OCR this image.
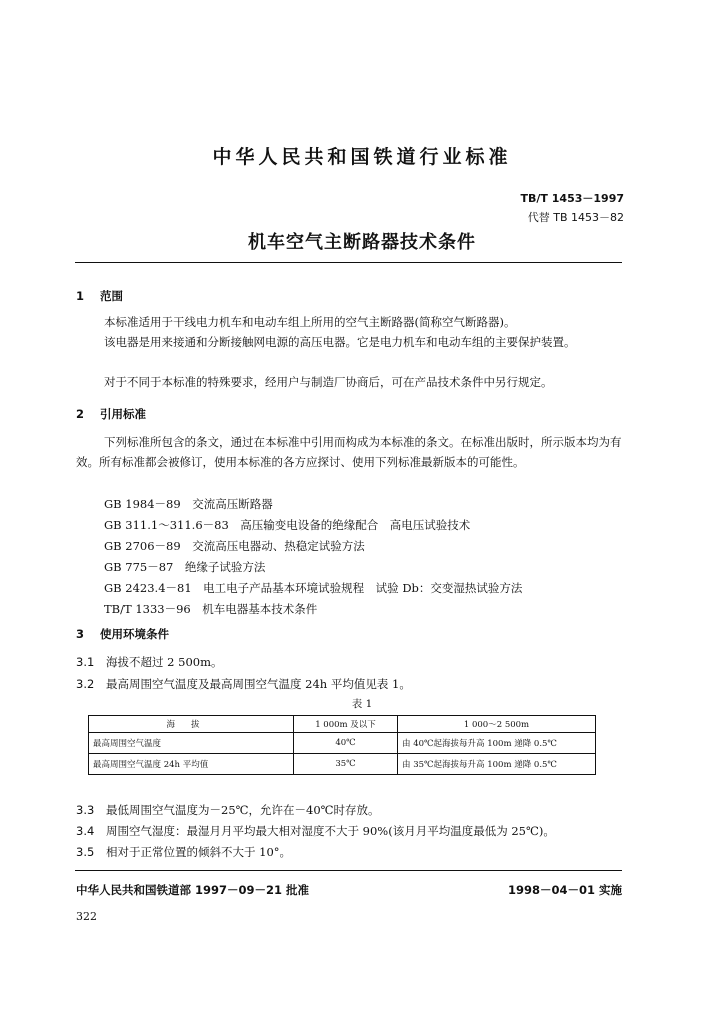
中华人民共和国铁道行业标准
TB/T 1453－1997
代替 TB 1453－82
机车空气主断路器技术条件
1 范围
本标准适用于干线电力机车和电动车组上所用的空气主断路器(简称空气断路器)。
该电器是用来接通和分断接触网电源的高压电器。它是电力机车和电动车组的主要保护装置。
对于不同于本标准的特殊要求，经用户与制造厂协商后，可在产品技术条件中另行规定。
2 引用标准
下列标准所包含的条文，通过在本标准中引用而构成为本标准的条文。在标准出版时，所示版本均为有效。所有标准都会被修订，使用本标准的各方应探讨、使用下列标准最新版本的可能性。
GB 1984－89　交流高压断路器
GB 311.1～311.6－83　高压输变电设备的绝缘配合　高电压试验技术
GB 2706－89　交流高压电器动、热稳定试验方法
GB 775－87　绝缘子试验方法
GB 2423.4－81　电工电子产品基本环境试验规程　试验 Db：交变湿热试验方法
TB/T 1333－96　机车电器基本技术条件
3 使用环境条件
3.1 海拔不超过 2 500m。
3.2 最高周围空气温度及最高周围空气温度 24h 平均值见表 1。
表 1
海拔	1 000m 及以下	1 000～2 500m
最高周围空气温度	40℃	由 40℃起海拔每升高 100m 递降 0.5℃
最高周围空气温度 24h 平均值	35℃	由 35℃起海拔每升高 100m 递降 0.5℃
3.3 最低周围空气温度为－25℃，允许在－40℃时存放。
3.4 周围空气湿度：最湿月月平均最大相对湿度不大于 90%(该月月平均温度最低为 25℃)。
3.5 相对于正常位置的倾斜不大于 10°。
中华人民共和国铁道部 1997－09－21 批准	1998－04－01 实施
322
